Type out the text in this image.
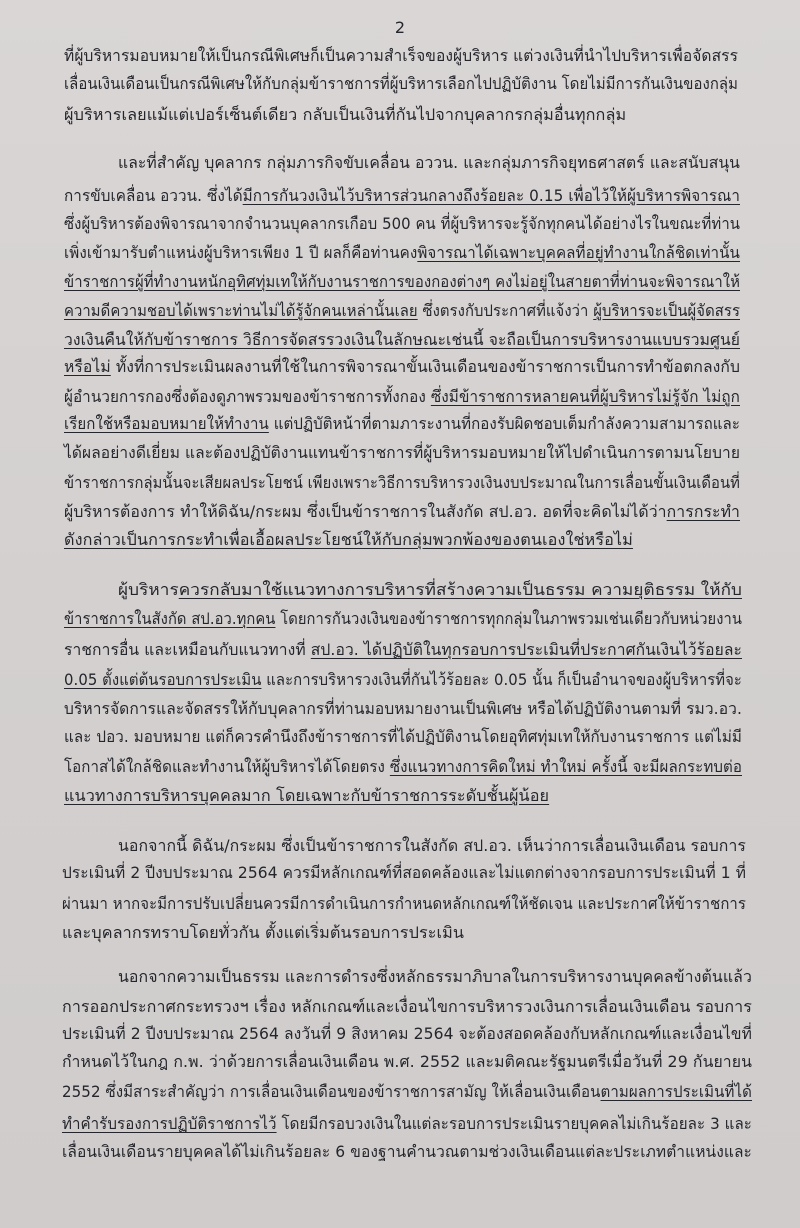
2
ที่ผู้บริหารมอบหมายให้เป็นกรณีพิเศษก็เป็นความสำเร็จของผู้บริหาร แต่วงเงินที่นำไปบริหารเพื่อจัดสรร
เลื่อนเงินเดือนเป็นกรณีพิเศษให้กับกลุ่มข้าราชการที่ผู้บริหารเลือกไปปฏิบัติงาน โดยไม่มีการกันเงินของกลุ่ม
ผู้บริหารเลยแม้แต่เปอร์เซ็นต์เดียว กลับเป็นเงินที่กันไปจากบุคลากรกลุ่มอื่นทุกกลุ่ม
และที่สำคัญ บุคลากร กลุ่มภารกิจขับเคลื่อน อววน. และกลุ่มภารกิจยุทธศาสตร์ และสนับสนุน
การขับเคลื่อน อววน. ซึ่งได้มีการกันวงเงินไว้บริหารส่วนกลางถึงร้อยละ 0.15 เพื่อไว้ให้ผู้บริหารพิจารณา
ซึ่งผู้บริหารต้องพิจารณาจากจำนวนบุคลากรเกือบ 500 คน ที่ผู้บริหารจะรู้จักทุกคนได้อย่างไรในขณะที่ท่าน
เพิ่งเข้ามารับตำแหน่งผู้บริหารเพียง 1 ปี ผลก็คือท่านคงพิจารณาได้เฉพาะบุคคลที่อยู่ทำงานใกล้ชิดเท่านั้น
ข้าราชการผู้ที่ทำงานหนักอุทิศทุ่มเทให้กับงานราชการของกองต่างๆ คงไม่อยู่ในสายตาที่ท่านจะพิจารณาให้
ความดีความชอบได้เพราะท่านไม่ได้รู้จักคนเหล่านั้นเลย ซึ่งตรงกับประกาศที่แจ้งว่า ผู้บริหารจะเป็นผู้จัดสรร
วงเงินคืนให้กับข้าราชการ วิธีการจัดสรรวงเงินในลักษณะเช่นนี้ จะถือเป็นการบริหารงานแบบรวมศูนย์
หรือไม่ ทั้งที่การประเมินผลงานที่ใช้ในการพิจารณาขั้นเงินเดือนของข้าราชการเป็นการทำข้อตกลงกับ
ผู้อำนวยการกองซึ่งต้องดูภาพรวมของข้าราชการทั้งกอง ซึ่งมีข้าราชการหลายคนที่ผู้บริหารไม่รู้จัก ไม่ถูก
เรียกใช้หรือมอบหมายให้ทำงาน แต่ปฏิบัติหน้าที่ตามภาระงานที่กองรับผิดชอบเต็มกำลังความสามารถและ
ได้ผลอย่างดีเยี่ยม และต้องปฏิบัติงานแทนข้าราชการที่ผู้บริหารมอบหมายให้ไปดำเนินการตามนโยบาย
ข้าราชการกลุ่มนั้นจะเสียผลประโยชน์ เพียงเพราะวิธีการบริหารวงเงินงบประมาณในการเลื่อนขั้นเงินเดือนที่
ผู้บริหารต้องการ ทำให้ดิฉัน/กระผม ซึ่งเป็นข้าราชการในสังกัด สป.อว. อดที่จะคิดไม่ได้ว่าการกระทำ
ดังกล่าวเป็นการกระทำเพื่อเอื้อผลประโยชน์ให้กับกลุ่มพวกพ้องของตนเองใช่หรือไม่
ผู้บริหารควรกลับมาใช้แนวทางการบริหารที่สร้างความเป็นธรรม ความยุติธรรม ให้กับ
ข้าราชการในสังกัด สป.อว.ทุกคน โดยการกันวงเงินของข้าราชการทุกกลุ่มในภาพรวมเช่นเดียวกับหน่วยงาน
ราชการอื่น และเหมือนกับแนวทางที่ สป.อว. ได้ปฏิบัติในทุกรอบการประเมินที่ประกาศกันเงินไว้ร้อยละ
0.05 ตั้งแต่ต้นรอบการประเมิน และการบริหารวงเงินที่กันไว้ร้อยละ 0.05 นั้น ก็เป็นอำนาจของผู้บริหารที่จะ
บริหารจัดการและจัดสรรให้กับบุคลากรที่ท่านมอบหมายงานเป็นพิเศษ หรือได้ปฏิบัติงานตามที่ รมว.อว.
และ ปอว. มอบหมาย แต่ก็ควรคำนึงถึงข้าราชการที่ได้ปฏิบัติงานโดยอุทิศทุ่มเทให้กับงานราชการ แต่ไม่มี
โอกาสได้ใกล้ชิดและทำงานให้ผู้บริหารได้โดยตรง ซึ่งแนวทางการคิดใหม่ ทำใหม่ ครั้งนี้ จะมีผลกระทบต่อ
แนวทางการบริหารบุคคลมาก โดยเฉพาะกับข้าราชการระดับชั้นผู้น้อย
นอกจากนี้ ดิฉัน/กระผม ซึ่งเป็นข้าราชการในสังกัด สป.อว. เห็นว่าการเลื่อนเงินเดือน รอบการ
ประเมินที่ 2 ปีงบประมาณ 2564 ควรมีหลักเกณฑ์ที่สอดคล้องและไม่แตกต่างจากรอบการประเมินที่ 1 ที่
ผ่านมา หากจะมีการปรับเปลี่ยนควรมีการดำเนินการกำหนดหลักเกณฑ์ให้ชัดเจน และประกาศให้ข้าราชการ
และบุคลากรทราบโดยทั่วกัน ตั้งแต่เริ่มต้นรอบการประเมิน
นอกจากความเป็นธรรม และการดำรงซึ่งหลักธรรมาภิบาลในการบริหารงานบุคคลข้างต้นแล้ว
การออกประกาศกระทรวงฯ เรื่อง หลักเกณฑ์และเงื่อนไขการบริหารวงเงินการเลื่อนเงินเดือน รอบการ
ประเมินที่ 2 ปีงบประมาณ 2564 ลงวันที่ 9 สิงหาคม 2564 จะต้องสอดคล้องกับหลักเกณฑ์และเงื่อนไขที่
กำหนดไว้ในกฎ ก.พ. ว่าด้วยการเลื่อนเงินเดือน พ.ศ. 2552 และมติคณะรัฐมนตรีเมื่อวันที่ 29 กันยายน
2552 ซึ่งมีสาระสำคัญว่า การเลื่อนเงินเดือนของข้าราชการสามัญ ให้เลื่อนเงินเดือนตามผลการประเมินที่ได้
ทำคำรับรองการปฏิบัติราชการไว้ โดยมีกรอบวงเงินในแต่ละรอบการประเมินรายบุคคลไม่เกินร้อยละ 3 และ
เลื่อนเงินเดือนรายบุคคลได้ไม่เกินร้อยละ 6 ของฐานคำนวณตามช่วงเงินเดือนแต่ละประเภทตำแหน่งและ
